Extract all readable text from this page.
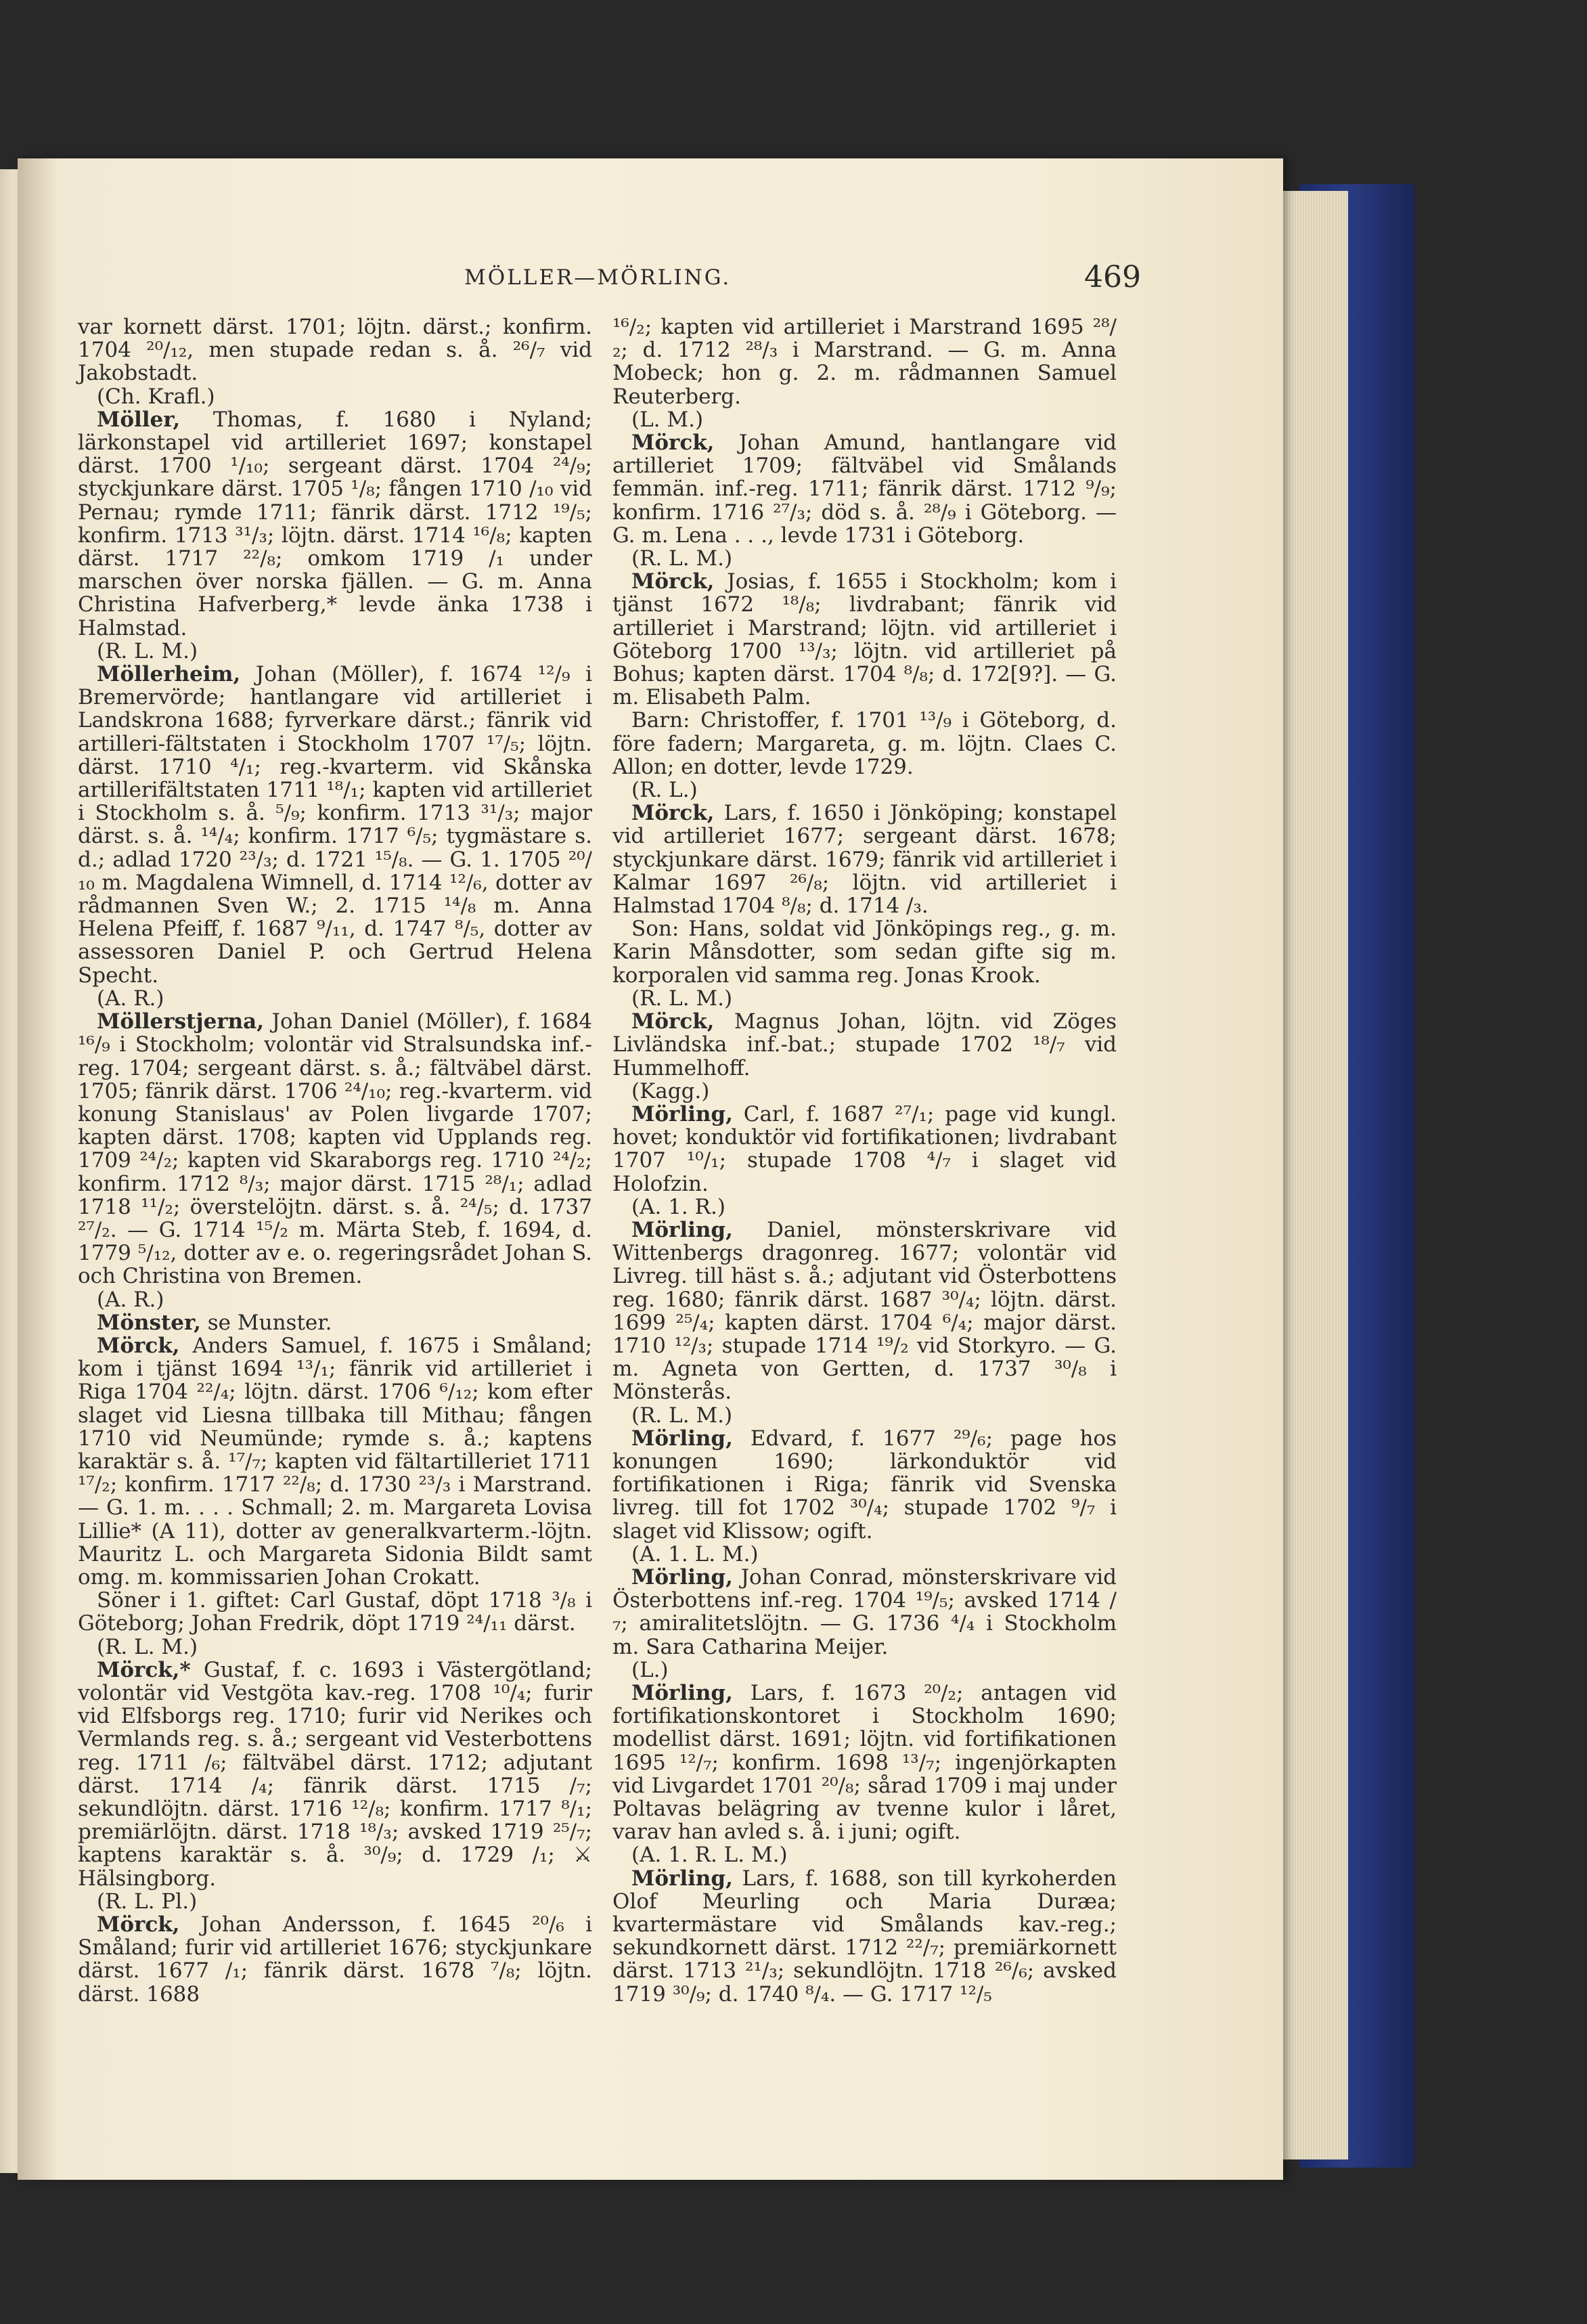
MÖLLER—MÖRLING.	469

var kornett därst. 1701; löjtn. därst.; konfirm. 1704 ²⁰/₁₂, men stupade redan s. å. ²⁶/₇ vid Jakobstadt.

(Ch. Krafl.)

Möller, Thomas, f. 1680 i Nyland; lärkonstapel vid artilleriet 1697; konstapel därst. 1700 ¹/₁₀; sergeant därst. 1704 ²⁴/₉; styckjunkare därst. 1705 ¹/₈; fången 1710 /₁₀ vid Pernau; rymde 1711; fänrik därst. 1712 ¹⁹/₅; konfirm. 1713 ³¹/₃; löjtn. därst. 1714 ¹⁶/₈; kapten därst. 1717 ²²/₈; omkom 1719 /₁ under marschen över norska fjällen. — G. m. Anna Christina Hafverberg,* levde änka 1738 i Halmstad.

(R. L. M.)

Möllerheim, Johan (Möller), f. 1674 ¹²/₉ i Bremervörde; hantlangare vid artilleriet i Landskrona 1688; fyrverkare därst.; fänrik vid artilleri-fältstaten i Stockholm 1707 ¹⁷/₅; löjtn. därst. 1710 ⁴/₁; reg.-kvarterm. vid Skånska artillerifältstaten 1711 ¹⁸/₁; kapten vid artilleriet i Stockholm s. å. ⁵/₉; konfirm. 1713 ³¹/₃; major därst. s. å. ¹⁴/₄; konfirm. 1717 ⁶/₅; tygmästare s. d.; adlad 1720 ²³/₃; d. 1721 ¹⁵/₈. — G. 1. 1705 ²⁰/₁₀ m. Magdalena Wimnell, d. 1714 ¹²/₆, dotter av rådmannen Sven W.; 2. 1715 ¹⁴/₈ m. Anna Helena Pfeiff, f. 1687 ⁹/₁₁, d. 1747 ⁸/₅, dotter av assessoren Daniel P. och Gertrud Helena Specht.

(A. R.)

Möllerstjerna, Johan Daniel (Möller), f. 1684 ¹⁶/₉ i Stockholm; volontär vid Stralsundska inf.-reg. 1704; sergeant därst. s. å.; fältväbel därst. 1705; fänrik därst. 1706 ²⁴/₁₀; reg.-kvarterm. vid konung Stanislaus' av Polen livgarde 1707; kapten därst. 1708; kapten vid Upplands reg. 1709 ²⁴/₂; kapten vid Skaraborgs reg. 1710 ²⁴/₂; konfirm. 1712 ⁸/₃; major därst. 1715 ²⁸/₁; adlad 1718 ¹¹/₂; överstelöjtn. därst. s. å. ²⁴/₅; d. 1737 ²⁷/₂. — G. 1714 ¹⁵/₂ m. Märta Steb, f. 1694, d. 1779 ⁵/₁₂, dotter av e. o. regeringsrådet Johan S. och Christina von Bremen.

(A. R.)

Mönster, se Munster.

Mörck, Anders Samuel, f. 1675 i Småland; kom i tjänst 1694 ¹³/₁; fänrik vid artilleriet i Riga 1704 ²²/₄; löjtn. därst. 1706 ⁶/₁₂; kom efter slaget vid Liesna tillbaka till Mithau; fången 1710 vid Neumünde; rymde s. å.; kaptens karaktär s. å. ¹⁷/₇; kapten vid fältartilleriet 1711 ¹⁷/₂; konfirm. 1717 ²²/₈; d. 1730 ²³/₃ i Marstrand. — G. 1. m. . . . Schmall; 2. m. Margareta Lovisa Lillie* (A 11), dotter av generalkvarterm.-löjtn. Mauritz L. och Margareta Sidonia Bildt samt omg. m. kommissarien Johan Crokatt.

Söner i 1. giftet: Carl Gustaf, döpt 1718 ³/₈ i Göteborg; Johan Fredrik, döpt 1719 ²⁴/₁₁ därst.

(R. L. M.)

Mörck,* Gustaf, f. c. 1693 i Västergötland; volontär vid Vestgöta kav.-reg. 1708 ¹⁰/₄; furir vid Elfsborgs reg. 1710; furir vid Nerikes och Vermlands reg. s. å.; sergeant vid Vesterbottens reg. 1711 /₆; fältväbel därst. 1712; adjutant därst. 1714 /₄; fänrik därst. 1715 /₇; sekundlöjtn. därst. 1716 ¹²/₈; konfirm. 1717 ⁸/₁; premiärlöjtn. därst. 1718 ¹⁸/₃; avsked 1719 ²⁵/₇; kaptens karaktär s. å. ³⁰/₉; d. 1729 /₁; ⚔ Hälsingborg.

(R. L. Pl.)

Mörck, Johan Andersson, f. 1645 ²⁰/₆ i Småland; furir vid artilleriet 1676; styckjunkare därst. 1677 /₁; fänrik därst. 1678 ⁷/₈; löjtn. därst. 1688

¹⁶/₂; kapten vid artilleriet i Marstrand 1695 ²⁸/₂; d. 1712 ²⁸/₃ i Marstrand. — G. m. Anna Mobeck; hon g. 2. m. rådmannen Samuel Reuterberg.

(L. M.)

Mörck, Johan Amund, hantlangare vid artilleriet 1709; fältväbel vid Smålands femmän. inf.-reg. 1711; fänrik därst. 1712 ⁹/₉; konfirm. 1716 ²⁷/₃; död s. å. ²⁸/₉ i Göteborg. — G. m. Lena . . ., levde 1731 i Göteborg.

(R. L. M.)

Mörck, Josias, f. 1655 i Stockholm; kom i tjänst 1672 ¹⁸/₈; livdrabant; fänrik vid artilleriet i Marstrand; löjtn. vid artilleriet i Göteborg 1700 ¹³/₃; löjtn. vid artilleriet på Bohus; kapten därst. 1704 ⁸/₈; d. 172[9?]. — G. m. Elisabeth Palm.

Barn: Christoffer, f. 1701 ¹³/₉ i Göteborg, d. före fadern; Margareta, g. m. löjtn. Claes C. Allon; en dotter, levde 1729.

(R. L.)

Mörck, Lars, f. 1650 i Jönköping; konstapel vid artilleriet 1677; sergeant därst. 1678; styckjunkare därst. 1679; fänrik vid artilleriet i Kalmar 1697 ²⁶/₈; löjtn. vid artilleriet i Halmstad 1704 ⁸/₈; d. 1714 /₃.

Son: Hans, soldat vid Jönköpings reg., g. m. Karin Månsdotter, som sedan gifte sig m. korporalen vid samma reg. Jonas Krook.

(R. L. M.)

Mörck, Magnus Johan, löjtn. vid Zöges Livländska inf.-bat.; stupade 1702 ¹⁸/₇ vid Hummelhoff.

(Kagg.)

Mörling, Carl, f. 1687 ²⁷/₁; page vid kungl. hovet; konduktör vid fortifikationen; livdrabant 1707 ¹⁰/₁; stupade 1708 ⁴/₇ i slaget vid Holofzin.

(A. 1. R.)

Mörling, Daniel, mönsterskrivare vid Wittenbergs dragonreg. 1677; volontär vid Livreg. till häst s. å.; adjutant vid Österbottens reg. 1680; fänrik därst. 1687 ³⁰/₄; löjtn. därst. 1699 ²⁵/₄; kapten därst. 1704 ⁶/₄; major därst. 1710 ¹²/₃; stupade 1714 ¹⁹/₂ vid Storkyro. — G. m. Agneta von Gertten, d. 1737 ³⁰/₈ i Mönsterås.

(R. L. M.)

Mörling, Edvard, f. 1677 ²⁹/₆; page hos konungen 1690; lärkonduktör vid fortifikationen i Riga; fänrik vid Svenska livreg. till fot 1702 ³⁰/₄; stupade 1702 ⁹/₇ i slaget vid Klissow; ogift.

(A. 1. L. M.)

Mörling, Johan Conrad, mönsterskrivare vid Österbottens inf.-reg. 1704 ¹⁹/₅; avsked 1714 /₇; amiralitetslöjtn. — G. 1736 ⁴/₄ i Stockholm m. Sara Catharina Meijer.

(L.)

Mörling, Lars, f. 1673 ²⁰/₂; antagen vid fortifikationskontoret i Stockholm 1690; modellist därst. 1691; löjtn. vid fortifikationen 1695 ¹²/₇; konfirm. 1698 ¹³/₇; ingenjörkapten vid Livgardet 1701 ²⁰/₈; sårad 1709 i maj under Poltavas belägring av tvenne kulor i låret, varav han avled s. å. i juni; ogift.

(A. 1. R. L. M.)

Mörling, Lars, f. 1688, son till kyrkoherden Olof Meurling och Maria Duræa; kvartermästare vid Smålands kav.-reg.; sekundkornett därst. 1712 ²²/₇; premiärkornett därst. 1713 ²¹/₃; sekundlöjtn. 1718 ²⁶/₆; avsked 1719 ³⁰/₉; d. 1740 ⁸/₄. — G. 1717 ¹²/₅
